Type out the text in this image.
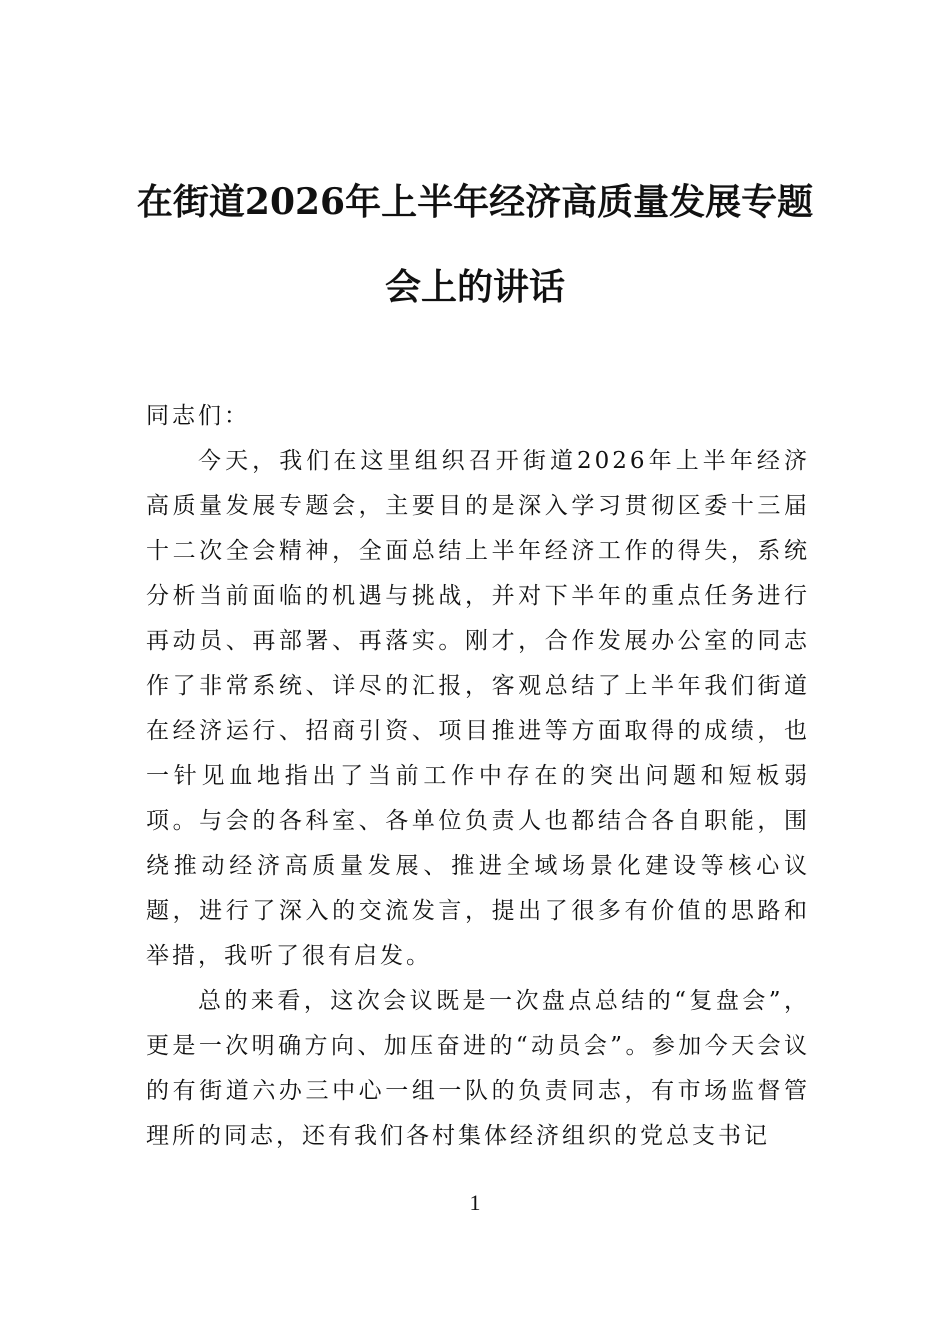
在街道2026年上半年经济高质量发展专题
会上的讲话

同志们：

今天，我们在这里组织召开街道2026年上半年经济高质量发展专题会，主要目的是深入学习贯彻区委十三届十二次全会精神，全面总结上半年经济工作的得失，系统分析当前面临的机遇与挑战，并对下半年的重点任务进行再动员、再部署、再落实。刚才，合作发展办公室的同志作了非常系统、详尽的汇报，客观总结了上半年我们街道在经济运行、招商引资、项目推进等方面取得的成绩，也一针见血地指出了当前工作中存在的突出问题和短板弱项。与会的各科室、各单位负责人也都结合各自职能，围绕推动经济高质量发展、推进全域场景化建设等核心议题，进行了深入的交流发言，提出了很多有价值的思路和举措，我听了很有启发。

总的来看，这次会议既是一次盘点总结的“复盘会”，更是一次明确方向、加压奋进的“动员会”。参加今天会议的有街道六办三中心一组一队的负责同志，有市场监督管理所的同志，还有我们各村集体经济组织的党总支书记

1
